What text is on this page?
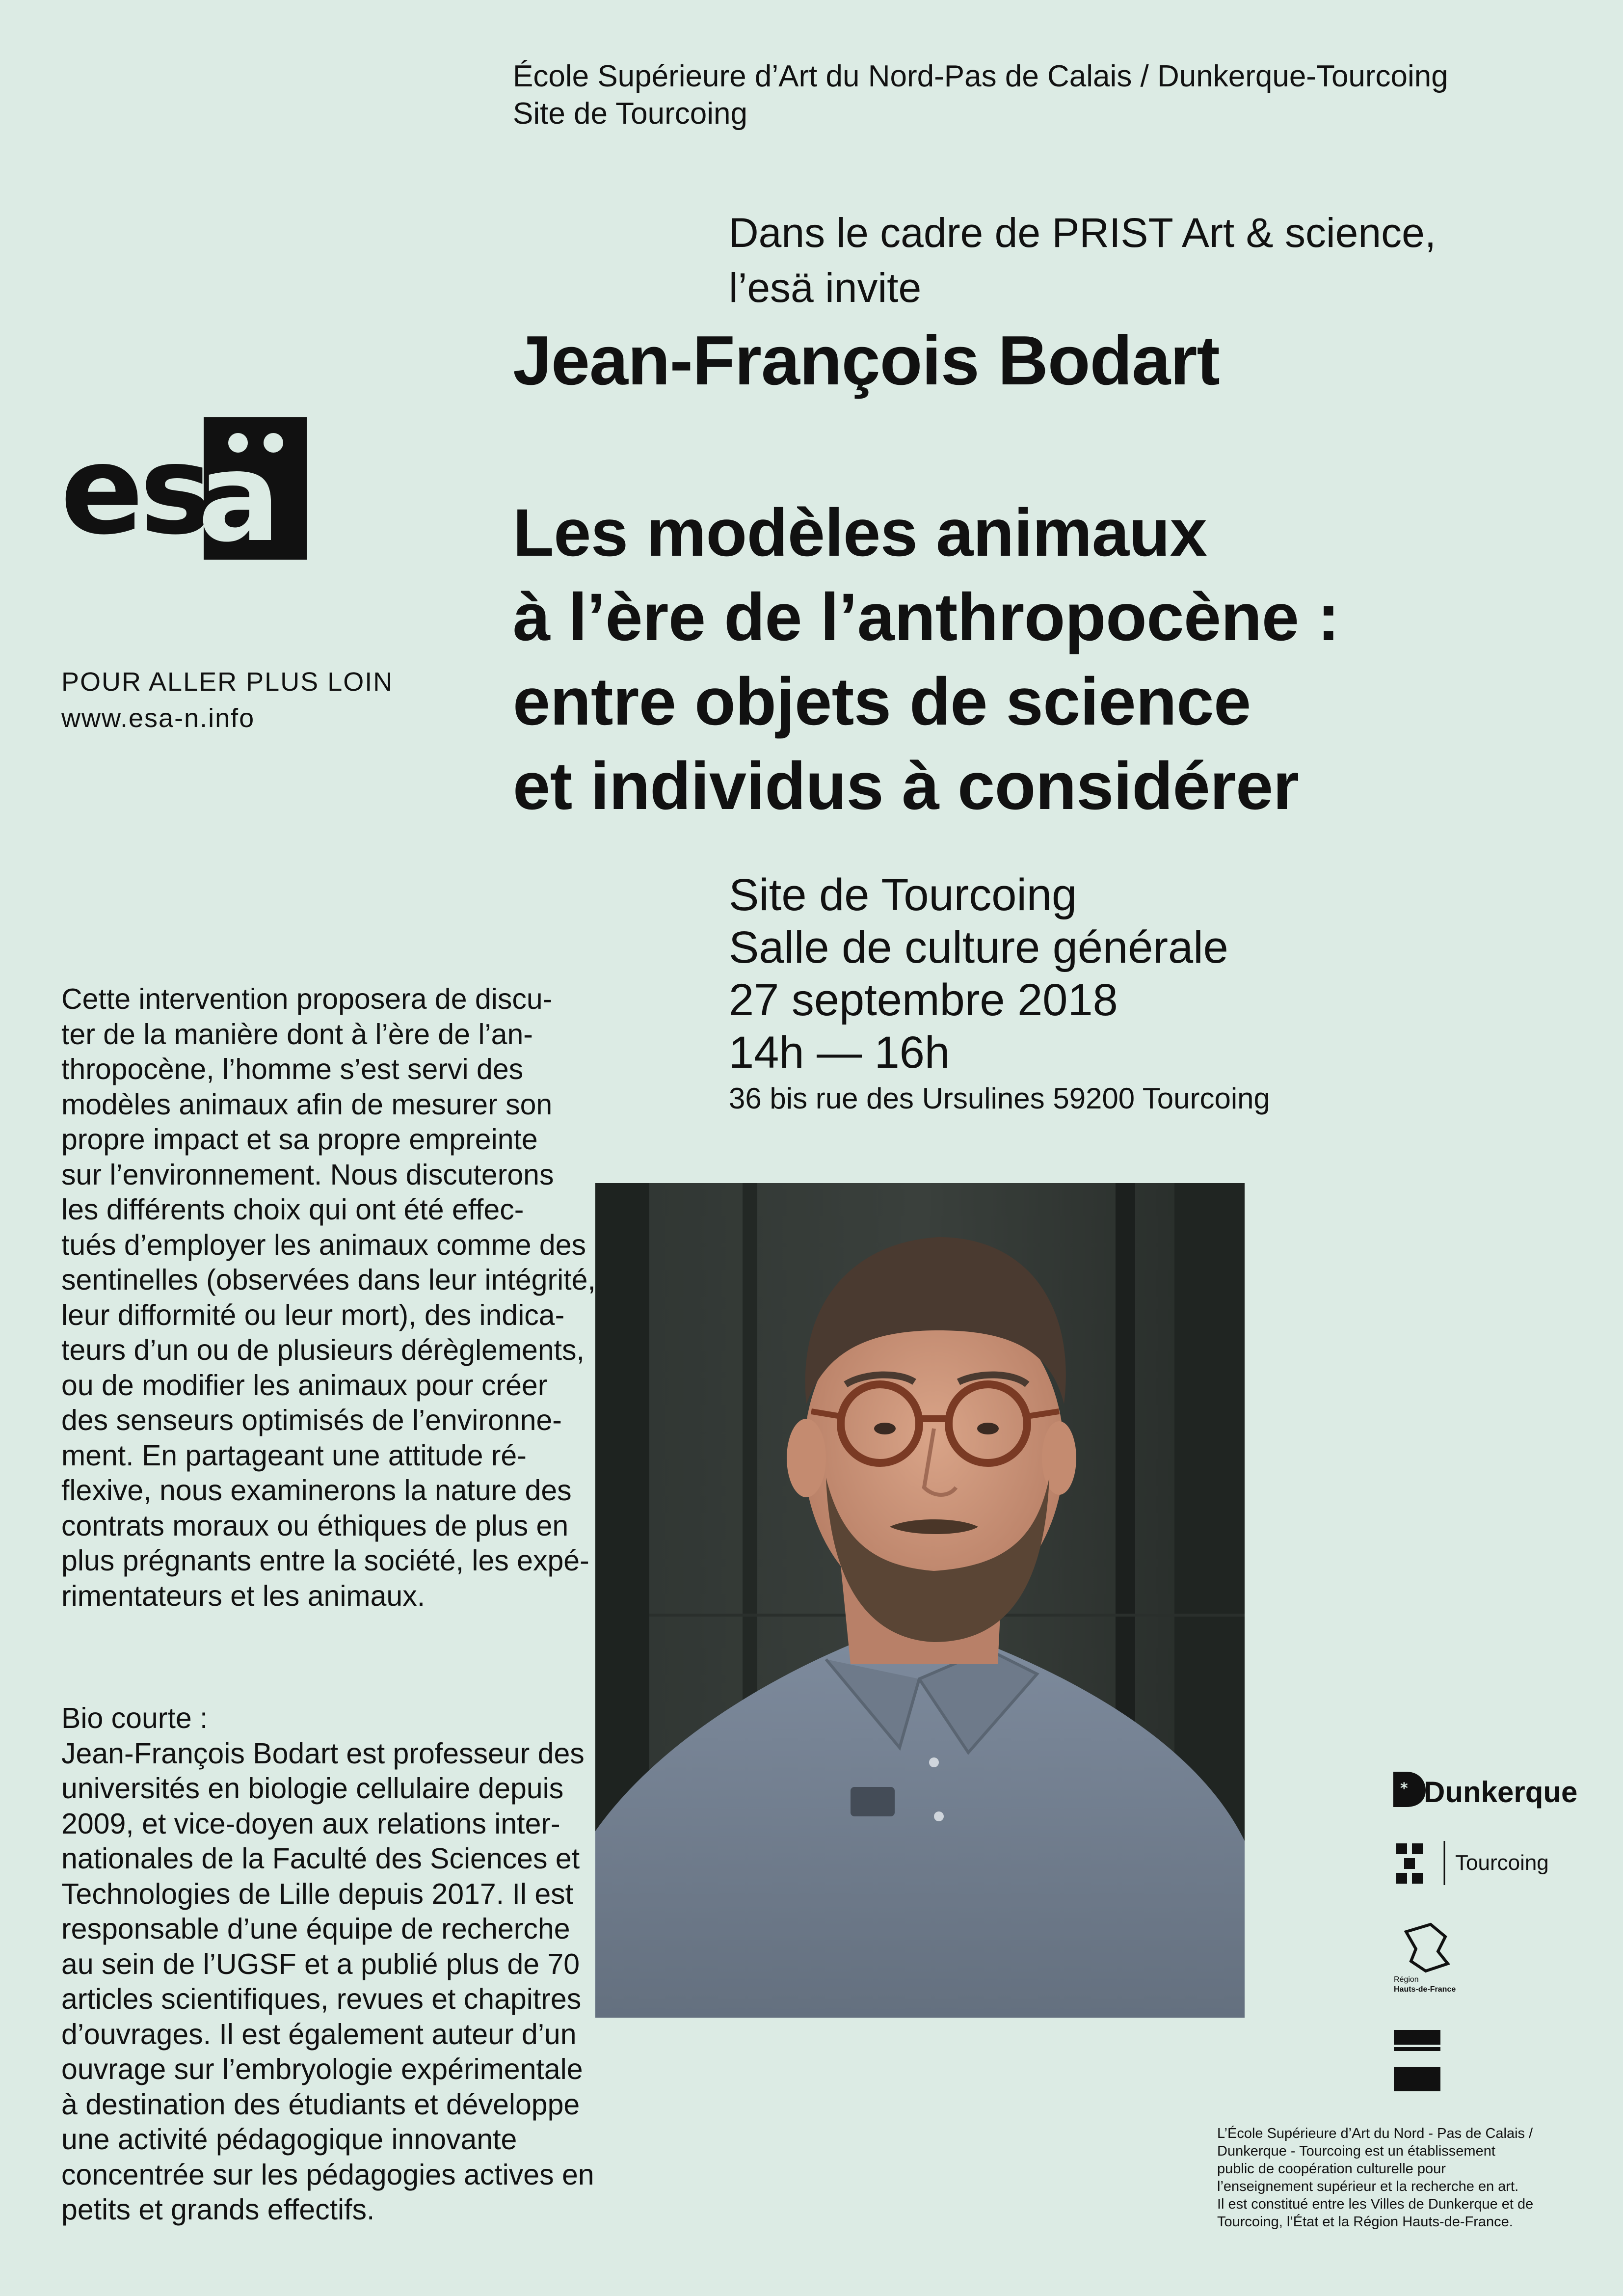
École Supérieure d’Art du Nord-Pas de Calais / Dunkerque-Tourcoing
Site de Tourcoing
Dans le cadre de PRIST Art & science,
l’esä invite
Jean-François Bodart
Les modèles animaux
à l’ère de l’anthropocène :
entre objets de science
et individus à considérer
es
a
POUR ALLER PLUS LOIN
www.esa-n.info
Site de Tourcoing
Salle de culture générale
27 septembre 2018
14h — 16h
36 bis rue des Ursulines 59200 Tourcoing
Cette intervention proposera de discu-
ter de la manière dont à l’ère de l’an-
thropocène, l’homme s’est servi des
modèles animaux afin de mesurer son
propre impact et sa propre empreinte
sur l’environnement. Nous discuterons
les différents choix qui ont été effec-
tués d’employer les animaux comme des
sentinelles (observées dans leur intégrité,
leur difformité ou leur mort), des indica-
teurs d’un ou de plusieurs dérèglements,
ou de modifier les animaux pour créer
des senseurs optimisés de l’environne-
ment. En partageant une attitude ré-
flexive, nous examinerons la nature des
contrats moraux ou éthiques de plus en
plus prégnants entre la société, les expé-
rimentateurs et les animaux.
Bio courte :
Jean-François Bodart est professeur des
universités en biologie cellulaire depuis
2009, et vice-doyen aux relations inter-
nationales de la Faculté des Sciences et
Technologies de Lille depuis 2017. Il est
responsable d’une équipe de recherche
au sein de l’UGSF et a publié plus de 70
articles scientifiques, revues et chapitres
d’ouvrages. Il est également auteur d’un
ouvrage sur l’embryologie expérimentale
à destination des étudiants et développe
une activité pédagogique innovante
concentrée sur les pédagogies actives en
petits et grands effectifs.
* Dunkerque
Tourcoing
Région
Hauts-de-France
L’École Supérieure d’Art du Nord - Pas de Calais /
Dunkerque - Tourcoing est un établissement
public de coopération culturelle pour
l’enseignement supérieur et la recherche en art.
Il est constitué entre les Villes de Dunkerque et de
Tourcoing, l’État et la Région Hauts-de-France.
